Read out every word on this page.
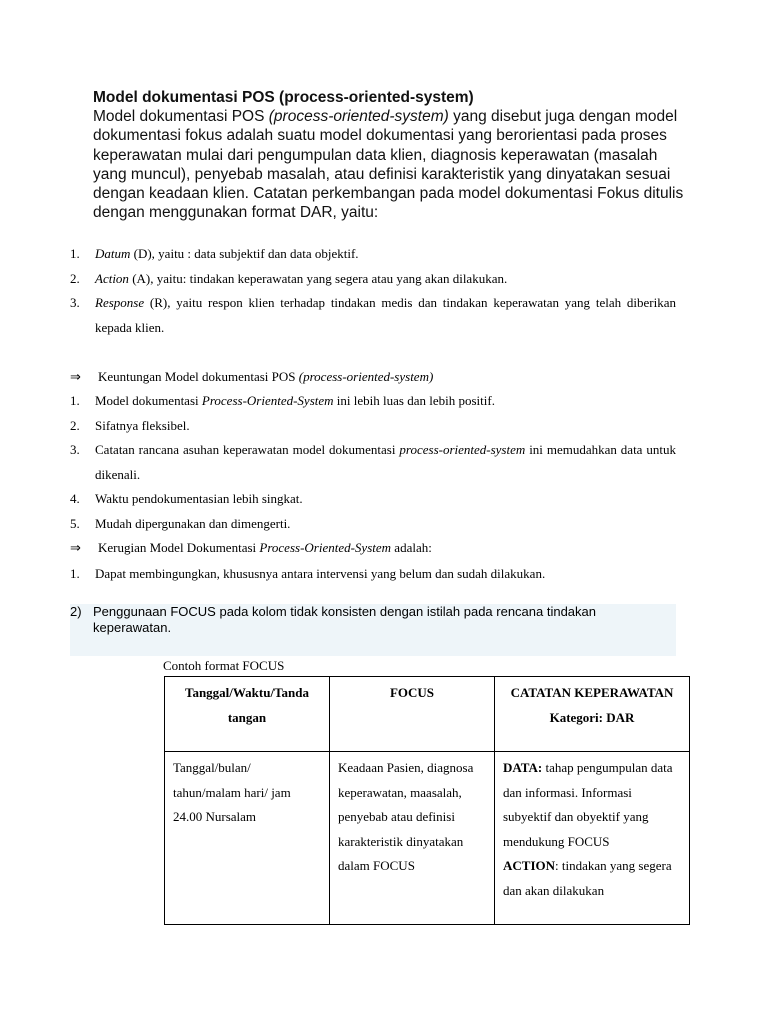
Model dokumentasi POS (process-oriented-system)
Model dokumentasi POS (process-oriented-system) yang disebut juga dengan model dokumentasi fokus adalah suatu model dokumentasi yang berorientasi pada proses keperawatan mulai dari pengumpulan data klien, diagnosis keperawatan (masalah yang muncul), penyebab masalah, atau definisi karakteristik yang dinyatakan sesuai dengan keadaan klien. Catatan perkembangan pada model dokumentasi Fokus ditulis dengan menggunakan format DAR, yaitu:
1. Datum (D), yaitu : data subjektif dan data objektif.
2. Action (A), yaitu: tindakan keperawatan yang segera atau yang akan dilakukan.
3. Response (R), yaitu respon klien terhadap tindakan medis dan tindakan keperawatan yang telah diberikan kepada klien.
⇒ Keuntungan Model dokumentasi POS (process-oriented-system)
1. Model dokumentasi Process-Oriented-System ini lebih luas dan lebih positif.
2. Sifatnya fleksibel.
3. Catatan rancana asuhan keperawatan model dokumentasi process-oriented-system ini memudahkan data untuk dikenali.
4. Waktu pendokumentasian lebih singkat.
5. Mudah dipergunakan dan dimengerti.
⇒ Kerugian Model Dokumentasi Process-Oriented-System adalah:
1. Dapat membingungkan, khususnya antara intervensi yang belum dan sudah dilakukan.
2) Penggunaan FOCUS pada kolom tidak konsisten dengan istilah pada rencana tindakan keperawatan.
Contoh format FOCUS
Tanggal/Waktu/Tanda tangan	FOCUS	CATATAN KEPERAWATAN Kategori: DAR
Tanggal/bulan/ tahun/malam hari/ jam 24.00 Nursalam	Keadaan Pasien, diagnosa keperawatan, maasalah, penyebab atau definisi karakteristik dinyatakan dalam FOCUS	DATA: tahap pengumpulan data dan informasi. Informasi subyektif dan obyektif yang mendukung FOCUS
ACTION: tindakan yang segera dan akan dilakukan
